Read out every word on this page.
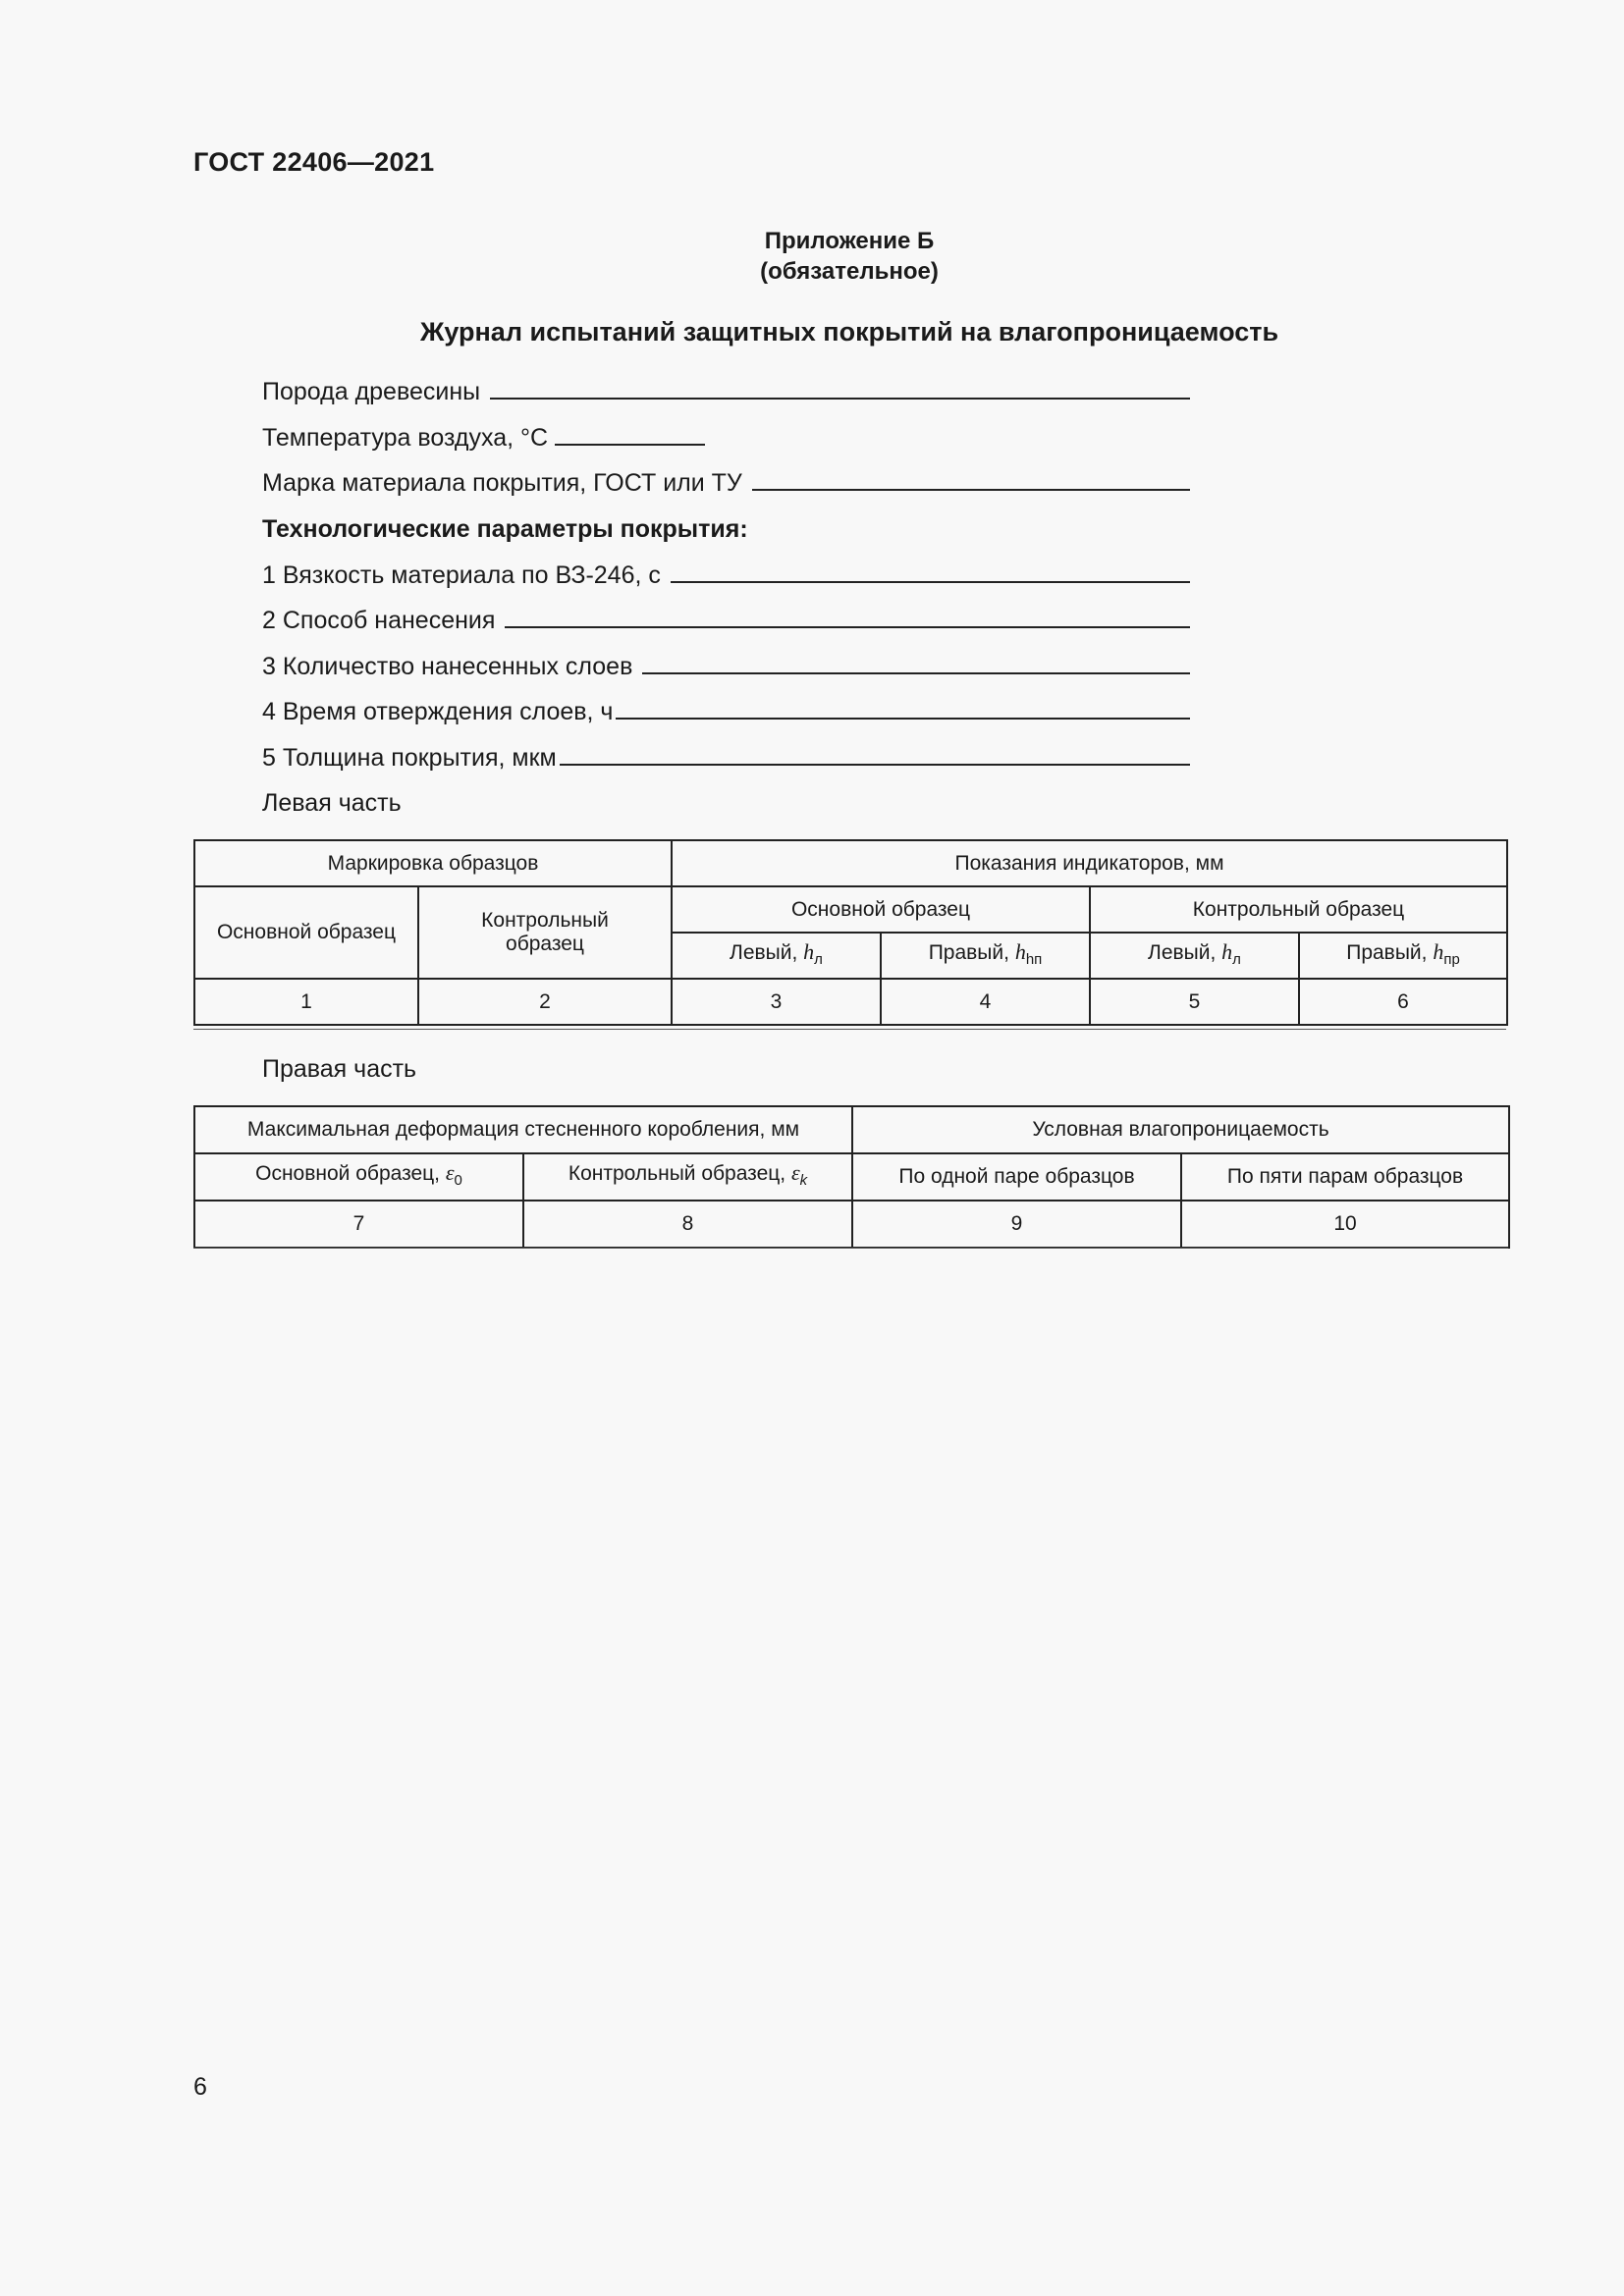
ГОСТ 22406—2021
Приложение Б
(обязательное)
Журнал испытаний защитных покрытий на влагопроницаемость
Порода древесины
Температура воздуха, °С
Марка материала покрытия, ГОСТ или ТУ
Технологические параметры покрытия:
1 Вязкость материала по ВЗ-246, с
2 Способ нанесения
3 Количество нанесенных слоев
4 Время отверждения слоев, ч
5 Толщина покрытия, мкм
Левая часть
Маркировка образцов		Показания индикаторов, мм			
Основной образец	Контрольный образец	Основной образец		Контрольный образец	
		Левый, $h_л$	Правый, $h_{hп}$	Левый, $h_л$	Правый, $h_{пр}$
1	2	3	4	5	6
Правая часть
Максимальная деформация стесненного коробления, мм		Условная влагопроницаемость	
Основной образец, $\varepsilon_0$	Контрольный образец, $\varepsilon_k$	По одной паре образцов	По пяти парам образцов
7	8	9	10
6
